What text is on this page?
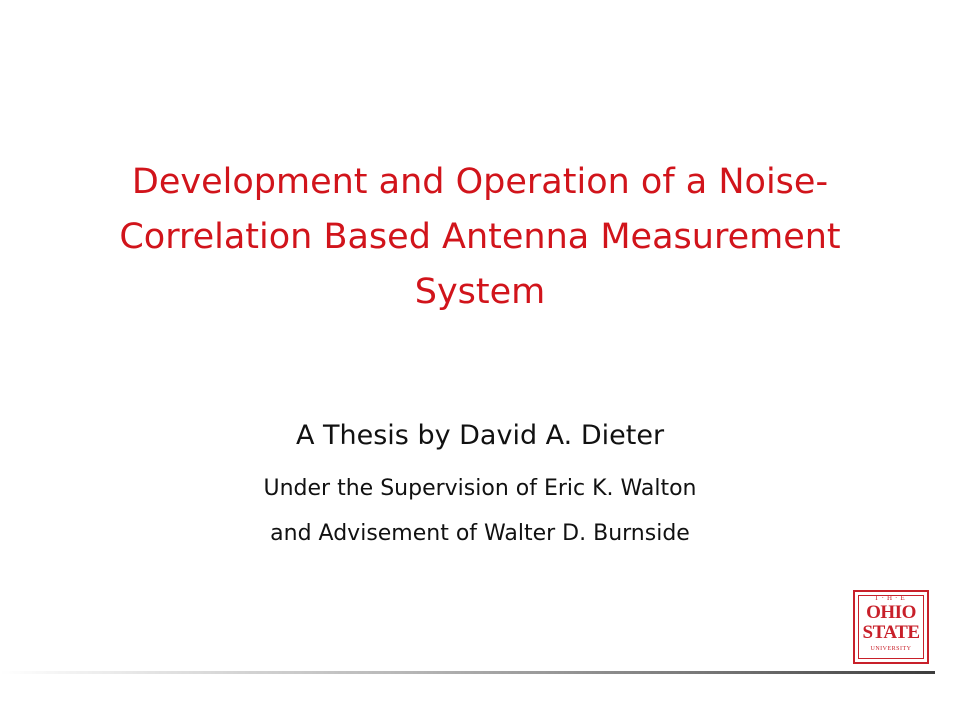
Development and Operation of a Noise-
Correlation Based Antenna Measurement
System
A Thesis by David A. Dieter
Under the Supervision of Eric K. Walton
and Advisement of Walter D. Burnside
T·H·E
OHIO
STATE
UNIVERSITY
